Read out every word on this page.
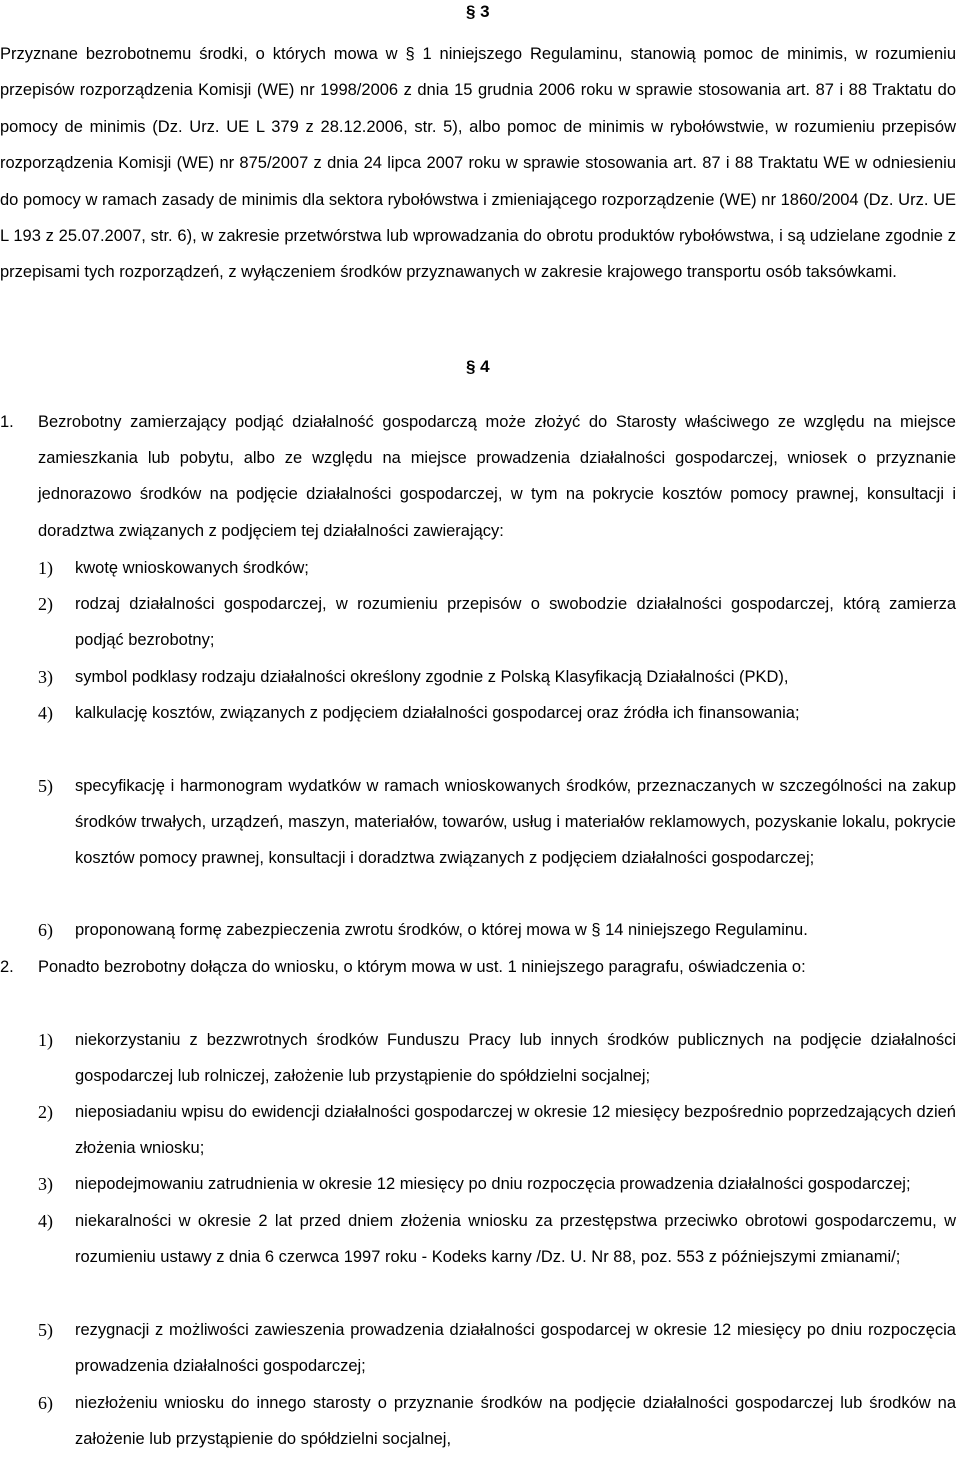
§ 3

Przyznane bezrobotnemu środki, o których mowa w § 1 niniejszego Regulaminu, stanowią pomoc de minimis, w rozumieniu przepisów rozporządzenia Komisji (WE) nr 1998/2006 z dnia 15 grudnia 2006 roku w sprawie stosowania art. 87 i 88 Traktatu do pomocy de minimis (Dz. Urz. UE L 379 z 28.12.2006, str. 5), albo pomoc de minimis w rybołówstwie, w rozumieniu przepisów rozporządzenia Komisji (WE) nr 875/2007 z dnia 24 lipca 2007 roku w sprawie stosowania art. 87 i 88 Traktatu WE w odniesieniu do pomocy w ramach zasady de minimis dla sektora rybołówstwa i zmieniającego rozporządzenie (WE) nr 1860/2004 (Dz. Urz. UE L 193 z 25.07.2007, str. 6), w zakresie przetwórstwa lub wprowadzania do obrotu produktów rybołówstwa, i są udzielane zgodnie z przepisami tych rozporządzeń, z wyłączeniem środków przyznawanych w zakresie krajowego transportu osób taksówkami.

§ 4
1. Bezrobotny zamierzający podjąć działalność gospodarczą może złożyć do Starosty właściwego ze względu na miejsce zamieszkania lub pobytu, albo ze względu na miejsce prowadzenia działalności gospodarczej, wniosek o przyznanie jednorazowo środków na podjęcie działalności gospodarczej, w tym na pokrycie kosztów pomocy prawnej, konsultacji i doradztwa związanych z podjęciem tej działalności zawierający:
1) kwotę wnioskowanych środków;
2) rodzaj działalności gospodarczej, w rozumieniu przepisów o swobodzie działalności gospodarczej, którą zamierza podjąć bezrobotny;
3) symbol podklasy rodzaju działalności określony zgodnie z Polską Klasyfikacją Działalności (PKD),
4) kalkulację kosztów, związanych z podjęciem działalności gospodarcej oraz źródła ich finansowania;
5) specyfikację i harmonogram wydatków w ramach wnioskowanych środków, przeznaczanych w szczególności na zakup środków trwałych, urządzeń, maszyn, materiałów, towarów, usług i materiałów reklamowych, pozyskanie lokalu, pokrycie kosztów pomocy prawnej, konsultacji i doradztwa związanych z podjęciem działalności gospodarczej;
6) proponowaną formę zabezpieczenia zwrotu środków, o której mowa w § 14 niniejszego Regulaminu.
2. Ponadto bezrobotny dołącza do wniosku, o którym mowa w ust. 1 niniejszego paragrafu, oświadczenia o:
1) niekorzystaniu z bezzwrotnych środków Funduszu Pracy lub innych środków publicznych na podjęcie działalności gospodarczej lub rolniczej, założenie lub przystąpienie do spółdzielni socjalnej;
2) nieposiadaniu wpisu do ewidencji działalności gospodarczej w okresie 12 miesięcy bezpośrednio poprzedzających dzień złożenia wniosku;
3) niepodejmowaniu zatrudnienia w okresie 12 miesięcy po dniu rozpoczęcia prowadzenia działalności gospodarczej;
4) niekaralności w okresie 2 lat przed dniem złożenia wniosku za przestępstwa przeciwko obrotowi gospodarczemu, w rozumieniu ustawy z dnia 6 czerwca 1997 roku - Kodeks karny /Dz. U. Nr 88, poz. 553 z późniejszymi zmianami/;
5) rezygnacji z możliwości zawieszenia prowadzenia działalności gospodarcej w okresie 12 miesięcy po dniu rozpoczęcia prowadzenia działalności gospodarczej;
6) niezłożeniu wniosku do innego starosty o przyznanie środków na podjęcie działalności gospodarczej lub środków na założenie lub przystąpienie do spółdzielni socjalnej,
